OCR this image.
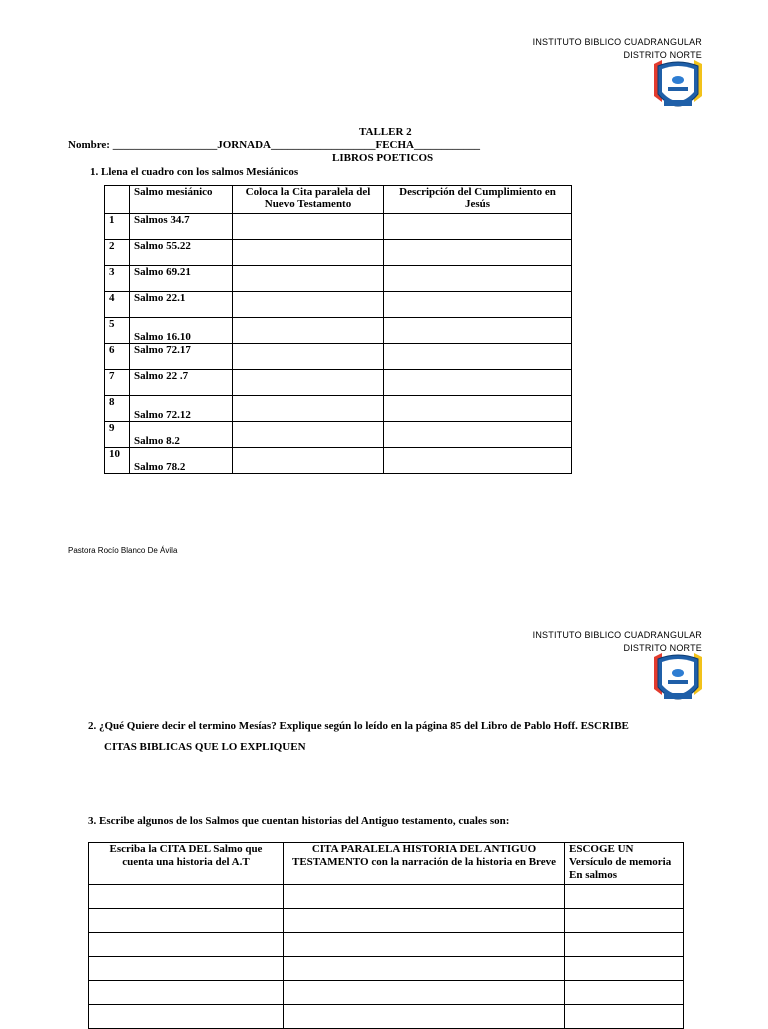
INSTITUTO BIBLICO CUADRANGULAR
DISTRITO NORTE
TALLER 2
Nombre: ___________________JORNADA___________________FECHA____________
LIBROS POETICOS
1. Llena el cuadro con los salmos Mesiánicos
	Salmo mesiánico	Coloca la Cita paralela del Nuevo Testamento	Descripción del Cumplimiento en Jesús
1	Salmos 34.7		
2	Salmo 55.22		
3	Salmo 69.21		
4	Salmo 22.1		
5	Salmo 16.10		
6	Salmo 72.17		
7	Salmo 22 .7		
8	Salmo 72.12		
9	Salmo 8.2		
10	Salmo 78.2		
Pastora Rocío Blanco De Ávila
INSTITUTO BIBLICO CUADRANGULAR
DISTRITO NORTE
2. ¿Qué Quiere decir el termino Mesías? Explique según lo leído en la página 85 del Libro de Pablo Hoff. ESCRIBE
CITAS BIBLICAS QUE LO EXPLIQUEN
3. Escribe algunos de los Salmos que cuentan historias del Antiguo testamento, cuales son:
Escriba la CITA DEL Salmo que cuenta una historia del A.T	CITA PARALELA HISTORIA DEL ANTIGUO TESTAMENTO con la narración de la historia en Breve	ESCOGE UN Versículo de memoria En salmos
